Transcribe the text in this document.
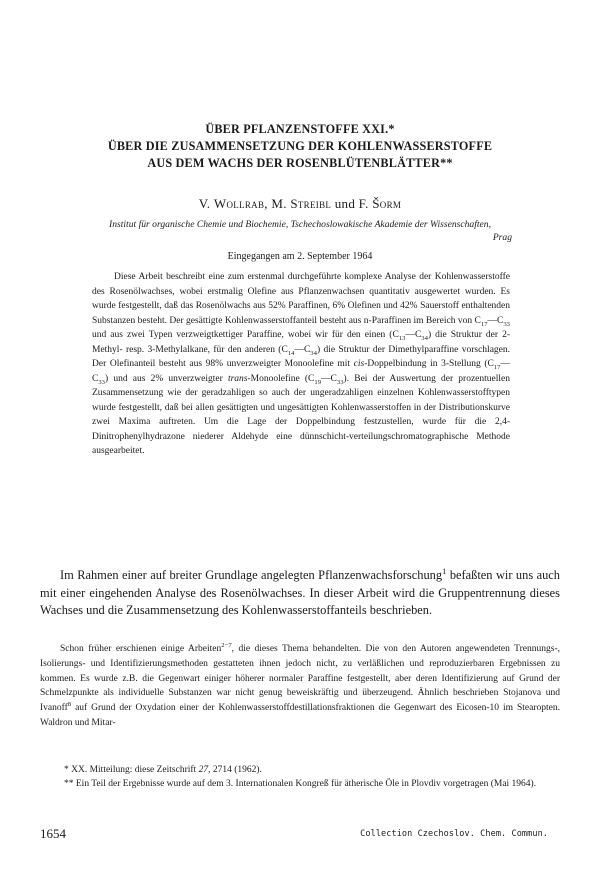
ÜBER PFLANZENSTOFFE XXI.*
ÜBER DIE ZUSAMMENSETZUNG DER KOHLENWASSERSTOFFE
AUS DEM WACHS DER ROSENBLÜTENBLÄTTER**
V. Wollrab, M. Streibl und F. Šorm
Institut für organische Chemie und Biochemie, Tschechoslowakische Akademie der Wissenschaften,
Prag
Eingegangen am 2. September 1964

Diese Arbeit beschreibt eine zum erstenmal durchgeführte komplexe Analyse der Kohlenwasserstoffe des Rosenölwachses, wobei erstmalig Olefine aus Pflanzenwachsen quantitativ ausgewertet wurden. Es wurde festgestellt, daß das Rosenölwachs aus 52% Paraffinen, 6% Olefinen und 42% Sauerstoff enthaltenden Substanzen besteht. Der gesättigte Kohlenwasserstoffanteil besteht aus n-Paraffinen im Bereich von $C_{17}—C_{33}$ und aus zwei Typen verzweigtkettiger Paraffine, wobei wir für den einen $(C_{13}—C_{34})$ die Struktur der 2-Methyl- resp. 3-Methylalkane, für den anderen $(C_{14}—C_{34})$ die Struktur der Dimethylparaffine vorschlagen. Der Olefinanteil besteht aus 98% unverzweigter Monoolefine mit cis-Doppelbindung in 3-Stellung $(C_{17}—C_{33})$ und aus 2% unverzweigter trans-Monoolefine $(C_{19}—C_{33})$. Bei der Auswertung der prozentuellen Zusammensetzung wie der geradzahligen so auch der ungeradzahligen einzelnen Kohlenwasserstofftypen wurde festgestellt, daß bei allen gesättigten und ungesättigten Kohlenwasserstoffen in der Distributionskurve zwei Maxima auftreten. Um die Lage der Doppelbindung festzustellen, wurde für die 2,4-Dinitrophenylhydrazone niederer Aldehyde eine dünnschicht-verteilungschromatographische Methode ausgearbeitet.

Im Rahmen einer auf breiter Grundlage angelegten Pflanzenwachsforschung$^1$ befaßten wir uns auch mit einer eingehenden Analyse des Rosenölwachses. In dieser Arbeit wird die Gruppentrennung dieses Wachses und die Zusammensetzung des Kohlenwasserstoffanteils beschrieben.

Schon früher erschienen einige Arbeiten$^{2-7}$, die dieses Thema behandelten. Die von den Autoren angewendeten Trennungs-, Isolierungs- und Identifizierungsmethoden gestatteten ihnen jedoch nicht, zu verläßlichen und reproduzierbaren Ergebnissen zu kommen. Es wurde z.B. die Gegenwart einiger höherer normaler Paraffine festgestellt, aber deren Identifizierung auf Grund der Schmelzpunkte als individuelle Substanzen war nicht genug beweiskräftig und überzeugend. Ähnlich beschrieben Stojanova und Ivanoff$^8$ auf Grund der Oxydation einer der Kohlenwasserstoffdestillationsfraktionen die Gegenwart des Eicosen-10 im Stearopten. Waldron und Mitar-

* XX. Mitteilung: diese Zeitschrift 27, 2714 (1962).

** Ein Teil der Ergebnisse wurde auf dem 3. Internationalen Kongreß für ätherische Öle in Plovdiv vorgetragen (Mai 1964).

1654	Collection Czechoslov. Chem. Commun.
